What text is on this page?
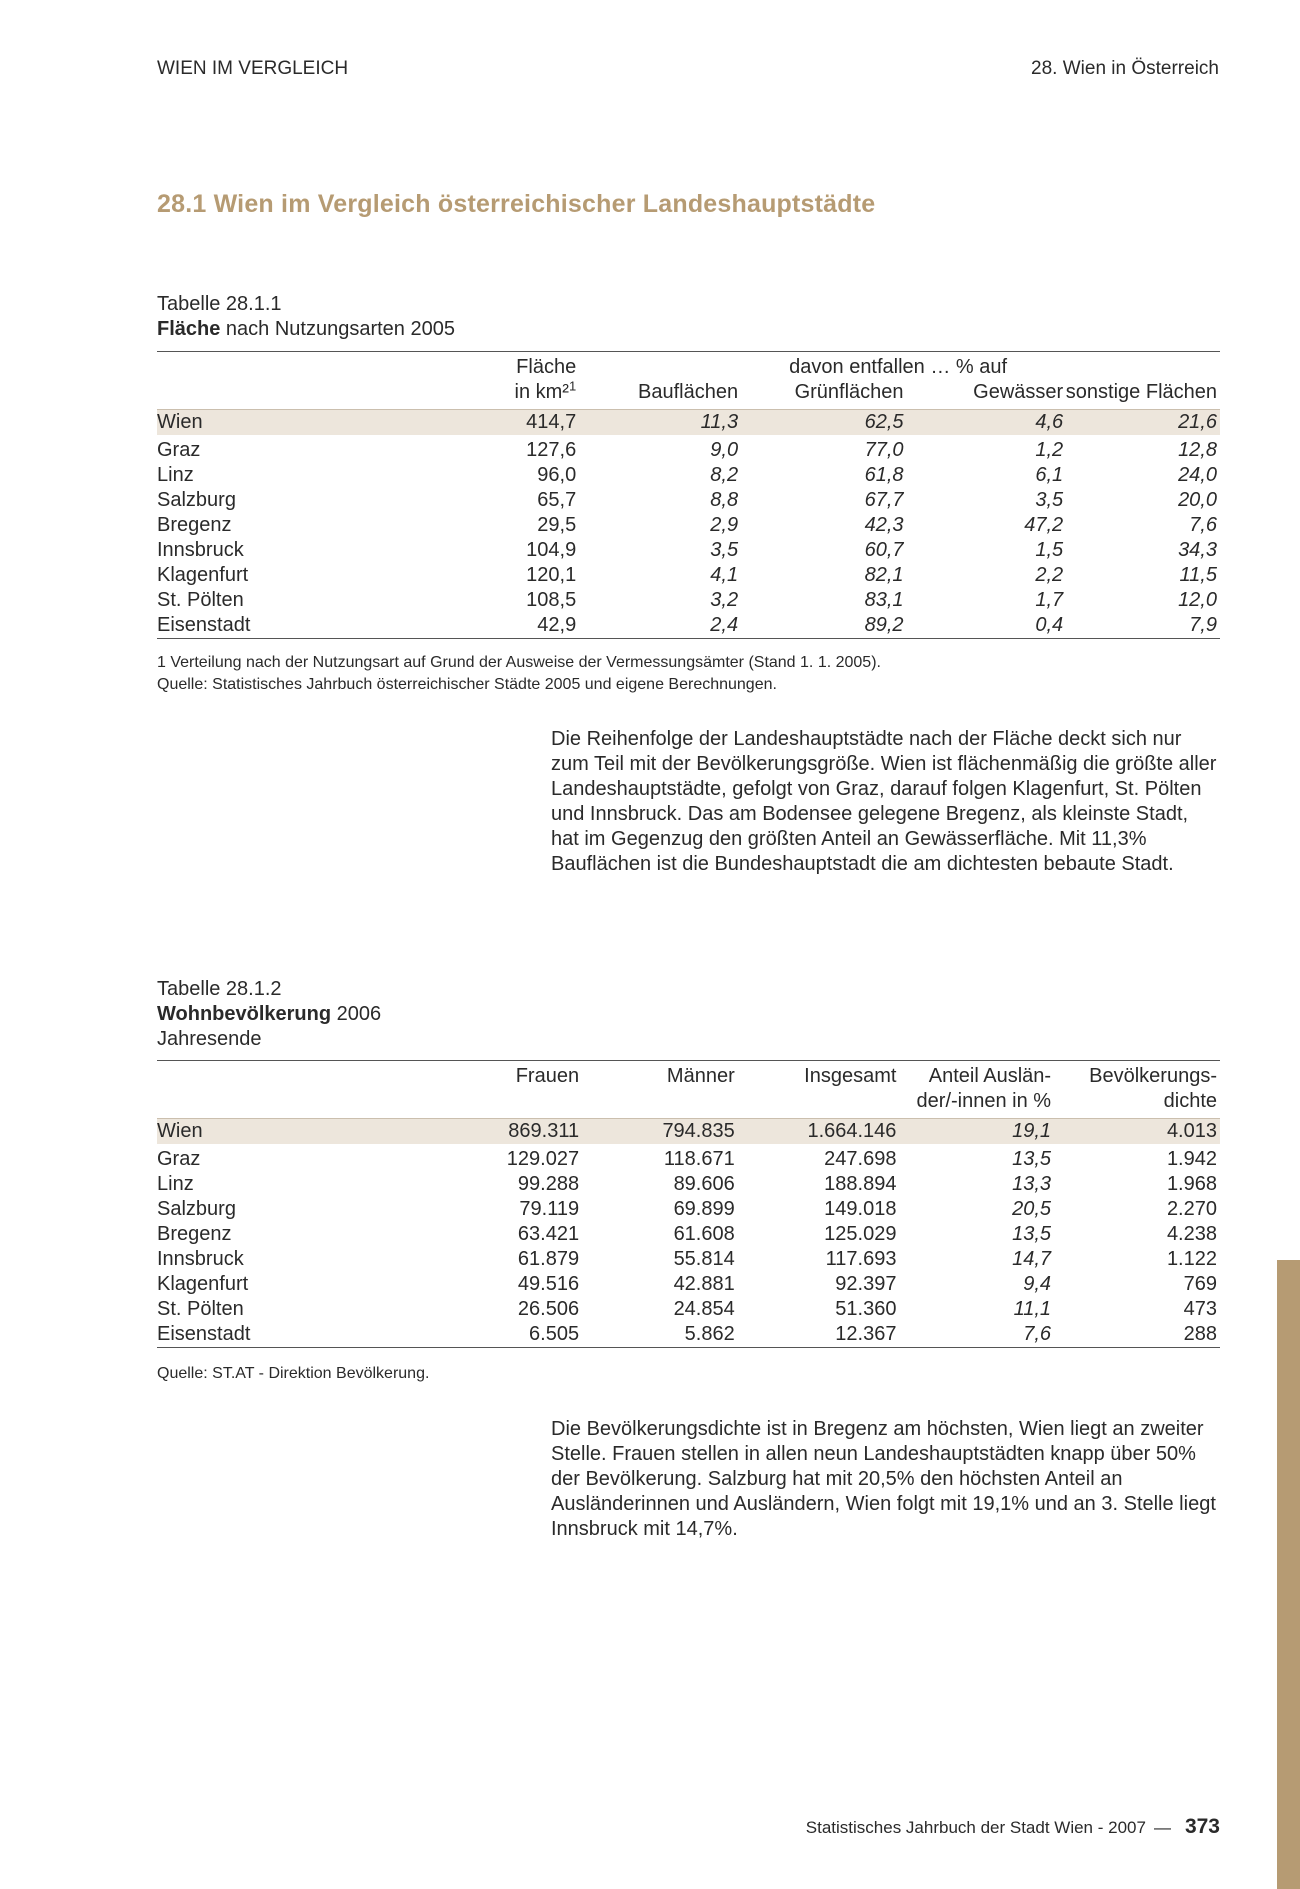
WIEN IM VERGLEICH	28. Wien in Österreich
28.1 Wien im Vergleich österreichischer Landeshauptstädte
Tabelle 28.1.1
Fläche nach Nutzungsarten 2005
	Fläche	davon entfallen … % auf			
	in km²$^1$	Bauflächen	Grünflächen	Gewässer	sonstige Flächen
Wien	414,7	11,3	62,5	4,6	21,6
Graz	127,6	9,0	77,0	1,2	12,8
Linz	96,0	8,2	61,8	6,1	24,0
Salzburg	65,7	8,8	67,7	3,5	20,0
Bregenz	29,5	2,9	42,3	47,2	7,6
Innsbruck	104,9	3,5	60,7	1,5	34,3
Klagenfurt	120,1	4,1	82,1	2,2	11,5
St. Pölten	108,5	3,2	83,1	1,7	12,0
Eisenstadt	42,9	2,4	89,2	0,4	7,9
1 Verteilung nach der Nutzungsart auf Grund der Ausweise der Vermessungsämter (Stand 1. 1. 2005).
Quelle: Statistisches Jahrbuch österreichischer Städte 2005 und eigene Berechnungen.
Die Reihenfolge der Landeshauptstädte nach der Fläche deckt sich nur zum Teil mit der Bevölkerungsgröße. Wien ist flächenmäßig die größte aller Landeshauptstädte, gefolgt von Graz, darauf folgen Klagenfurt, St. Pölten und Innsbruck. Das am Bodensee gelegene Bregenz, als kleinste Stadt, hat im Gegenzug den größten Anteil an Gewässerfläche. Mit 11,3% Bauflächen ist die Bundeshauptstadt die am dichtesten bebaute Stadt.
Tabelle 28.1.2
Wohnbevölkerung 2006
Jahresende
	Frauen	Männer	Insgesamt	Anteil Auslän-	Bevölkerungs-
				der/-innen in %	dichte
Wien	869.311	794.835	1.664.146	19,1	4.013
Graz	129.027	118.671	247.698	13,5	1.942
Linz	99.288	89.606	188.894	13,3	1.968
Salzburg	79.119	69.899	149.018	20,5	2.270
Bregenz	63.421	61.608	125.029	13,5	4.238
Innsbruck	61.879	55.814	117.693	14,7	1.122
Klagenfurt	49.516	42.881	92.397	9,4	769
St. Pölten	26.506	24.854	51.360	11,1	473
Eisenstadt	6.505	5.862	12.367	7,6	288
Quelle: ST.AT - Direktion Bevölkerung.
Die Bevölkerungsdichte ist in Bregenz am höchsten, Wien liegt an zweiter Stelle. Frauen stellen in allen neun Landeshauptstädten knapp über 50% der Bevölkerung. Salzburg hat mit 20,5% den höchsten Anteil an Ausländerinnen und Ausländern, Wien folgt mit 19,1% und an 3. Stelle liegt Innsbruck mit 14,7%.
Statistisches Jahrbuch der Stadt Wien - 2007 — 373
